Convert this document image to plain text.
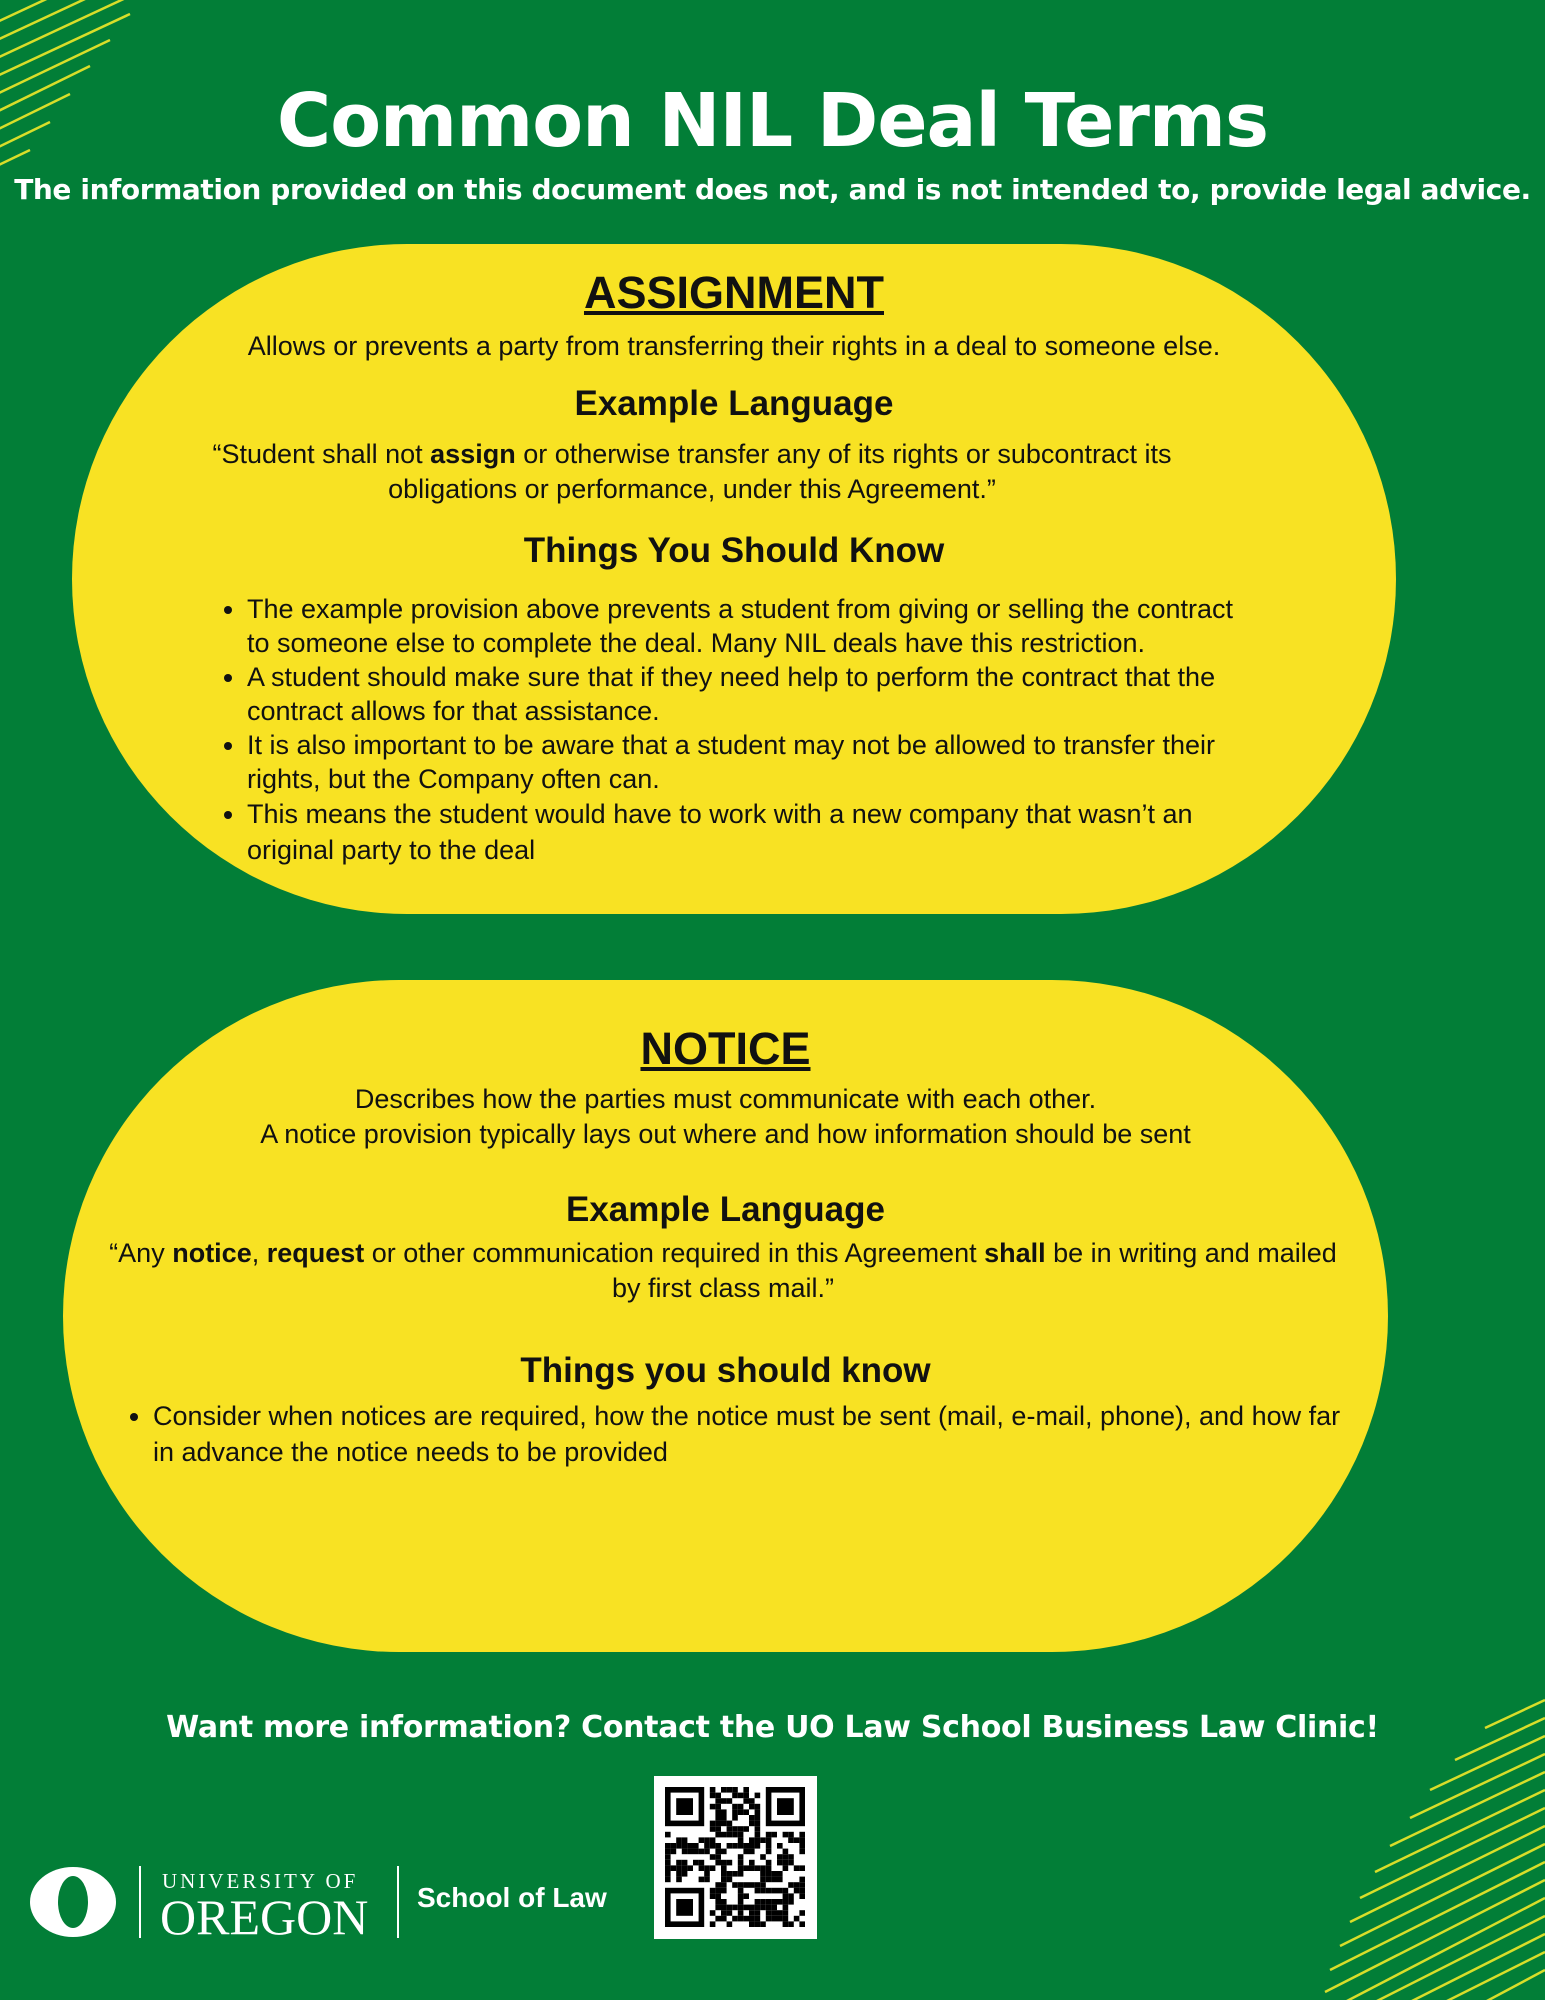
Common NIL Deal Terms
The information provided on this document does not, and is not intended to, provide legal advice.
ASSIGNMENT
Allows or prevents a party from transferring their rights in a deal to someone else.
Example Language
“Student shall not assign or otherwise transfer any of its rights or subcontract its obligations or performance, under this Agreement.”
Things You Should Know
• The example provision above prevents a student from giving or selling the contract to someone else to complete the deal. Many NIL deals have this restriction.
• A student should make sure that if they need help to perform the contract that the contract allows for that assistance.
• It is also important to be aware that a student may not be allowed to transfer their rights, but the Company often can.
• This means the student would have to work with a new company that wasn’t an original party to the deal
NOTICE
Describes how the parties must communicate with each other.
A notice provision typically lays out where and how information should be sent
Example Language
“Any notice, request or other communication required in this Agreement shall be in writing and mailed by first class mail.”
Things you should know
• Consider when notices are required, how the notice must be sent (mail, e-mail, phone), and how far in advance the notice needs to be provided
Want more information? Contact the UO Law School Business Law Clinic!
UNIVERSITY OF
OREGON School of Law
